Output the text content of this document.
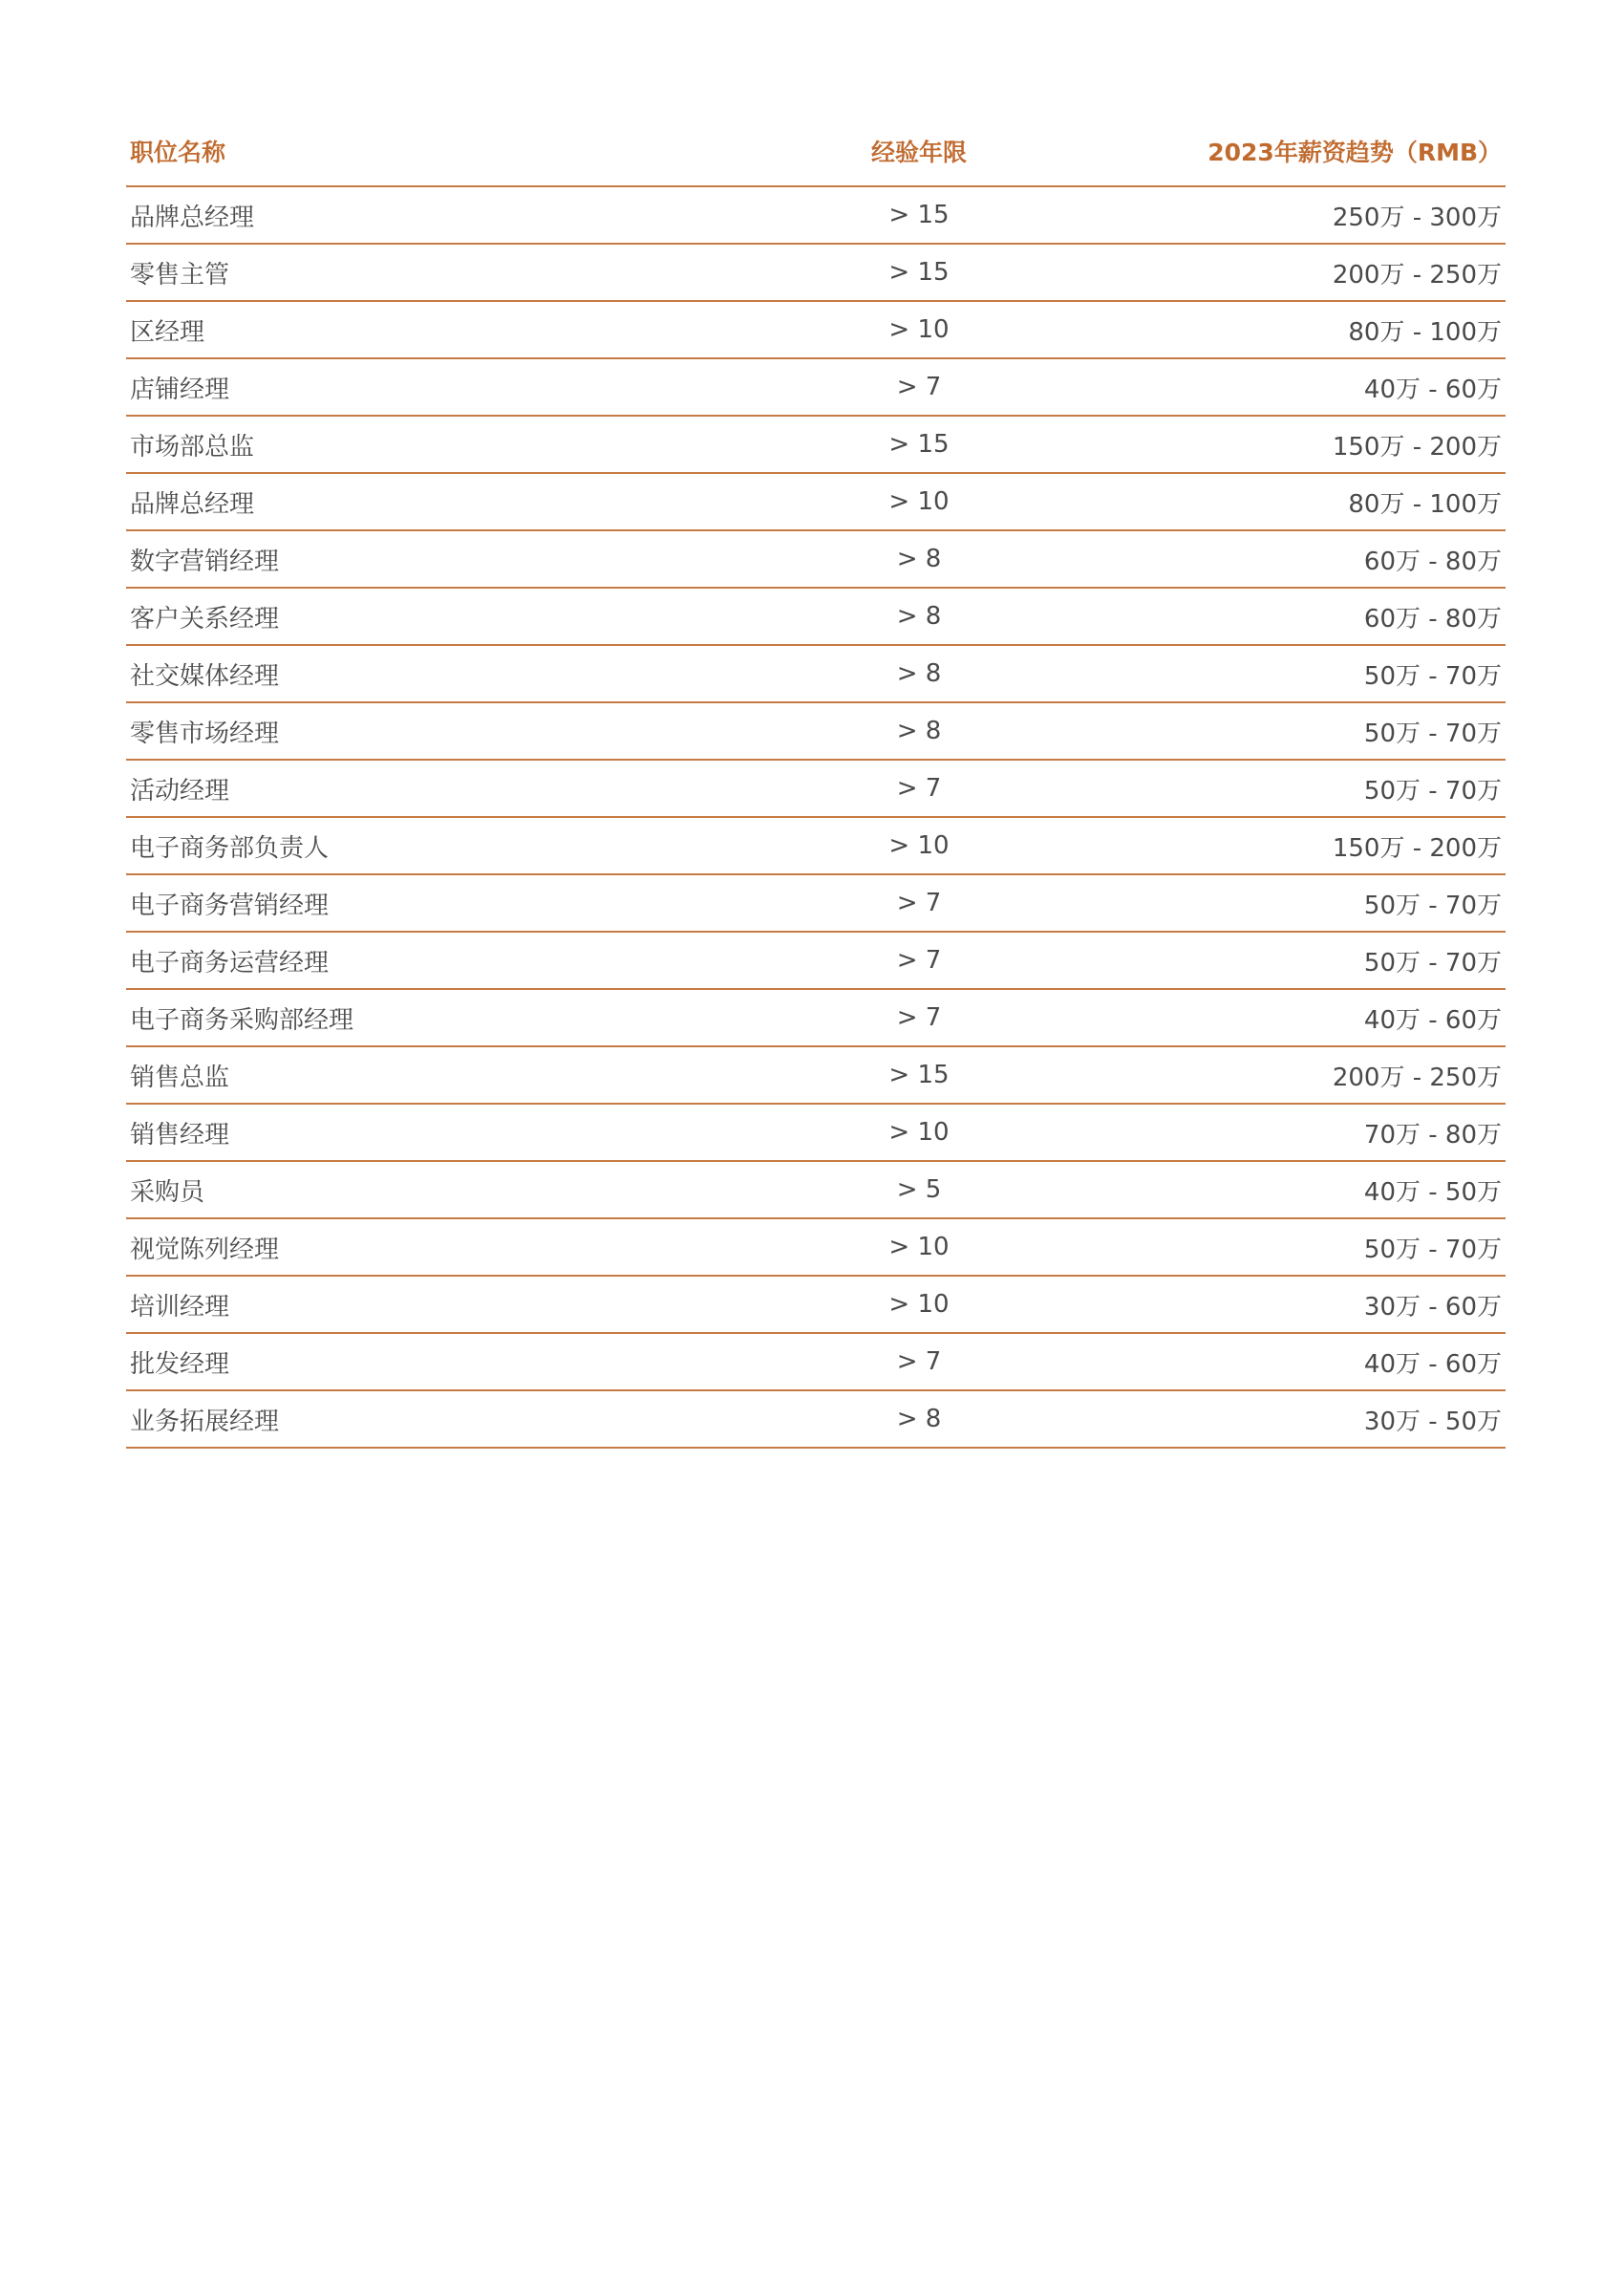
职位名称	经验年限	2023年薪资趋势（RMB）
品牌总经理	> 15	250万 - 300万
零售主管	> 15	200万 - 250万
区经理	> 10	80万 - 100万
店铺经理	> 7	40万 - 60万
市场部总监	> 15	150万 - 200万
品牌总经理	> 10	80万 - 100万
数字营销经理	> 8	60万 - 80万
客户关系经理	> 8	60万 - 80万
社交媒体经理	> 8	50万 - 70万
零售市场经理	> 8	50万 - 70万
活动经理	> 7	50万 - 70万
电子商务部负责人	> 10	150万 - 200万
电子商务营销经理	> 7	50万 - 70万
电子商务运营经理	> 7	50万 - 70万
电子商务采购部经理	> 7	40万 - 60万
销售总监	> 15	200万 - 250万
销售经理	> 10	70万 - 80万
采购员	> 5	40万 - 50万
视觉陈列经理	> 10	50万 - 70万
培训经理	> 10	30万 - 60万
批发经理	> 7	40万 - 60万
业务拓展经理	> 8	30万 - 50万
